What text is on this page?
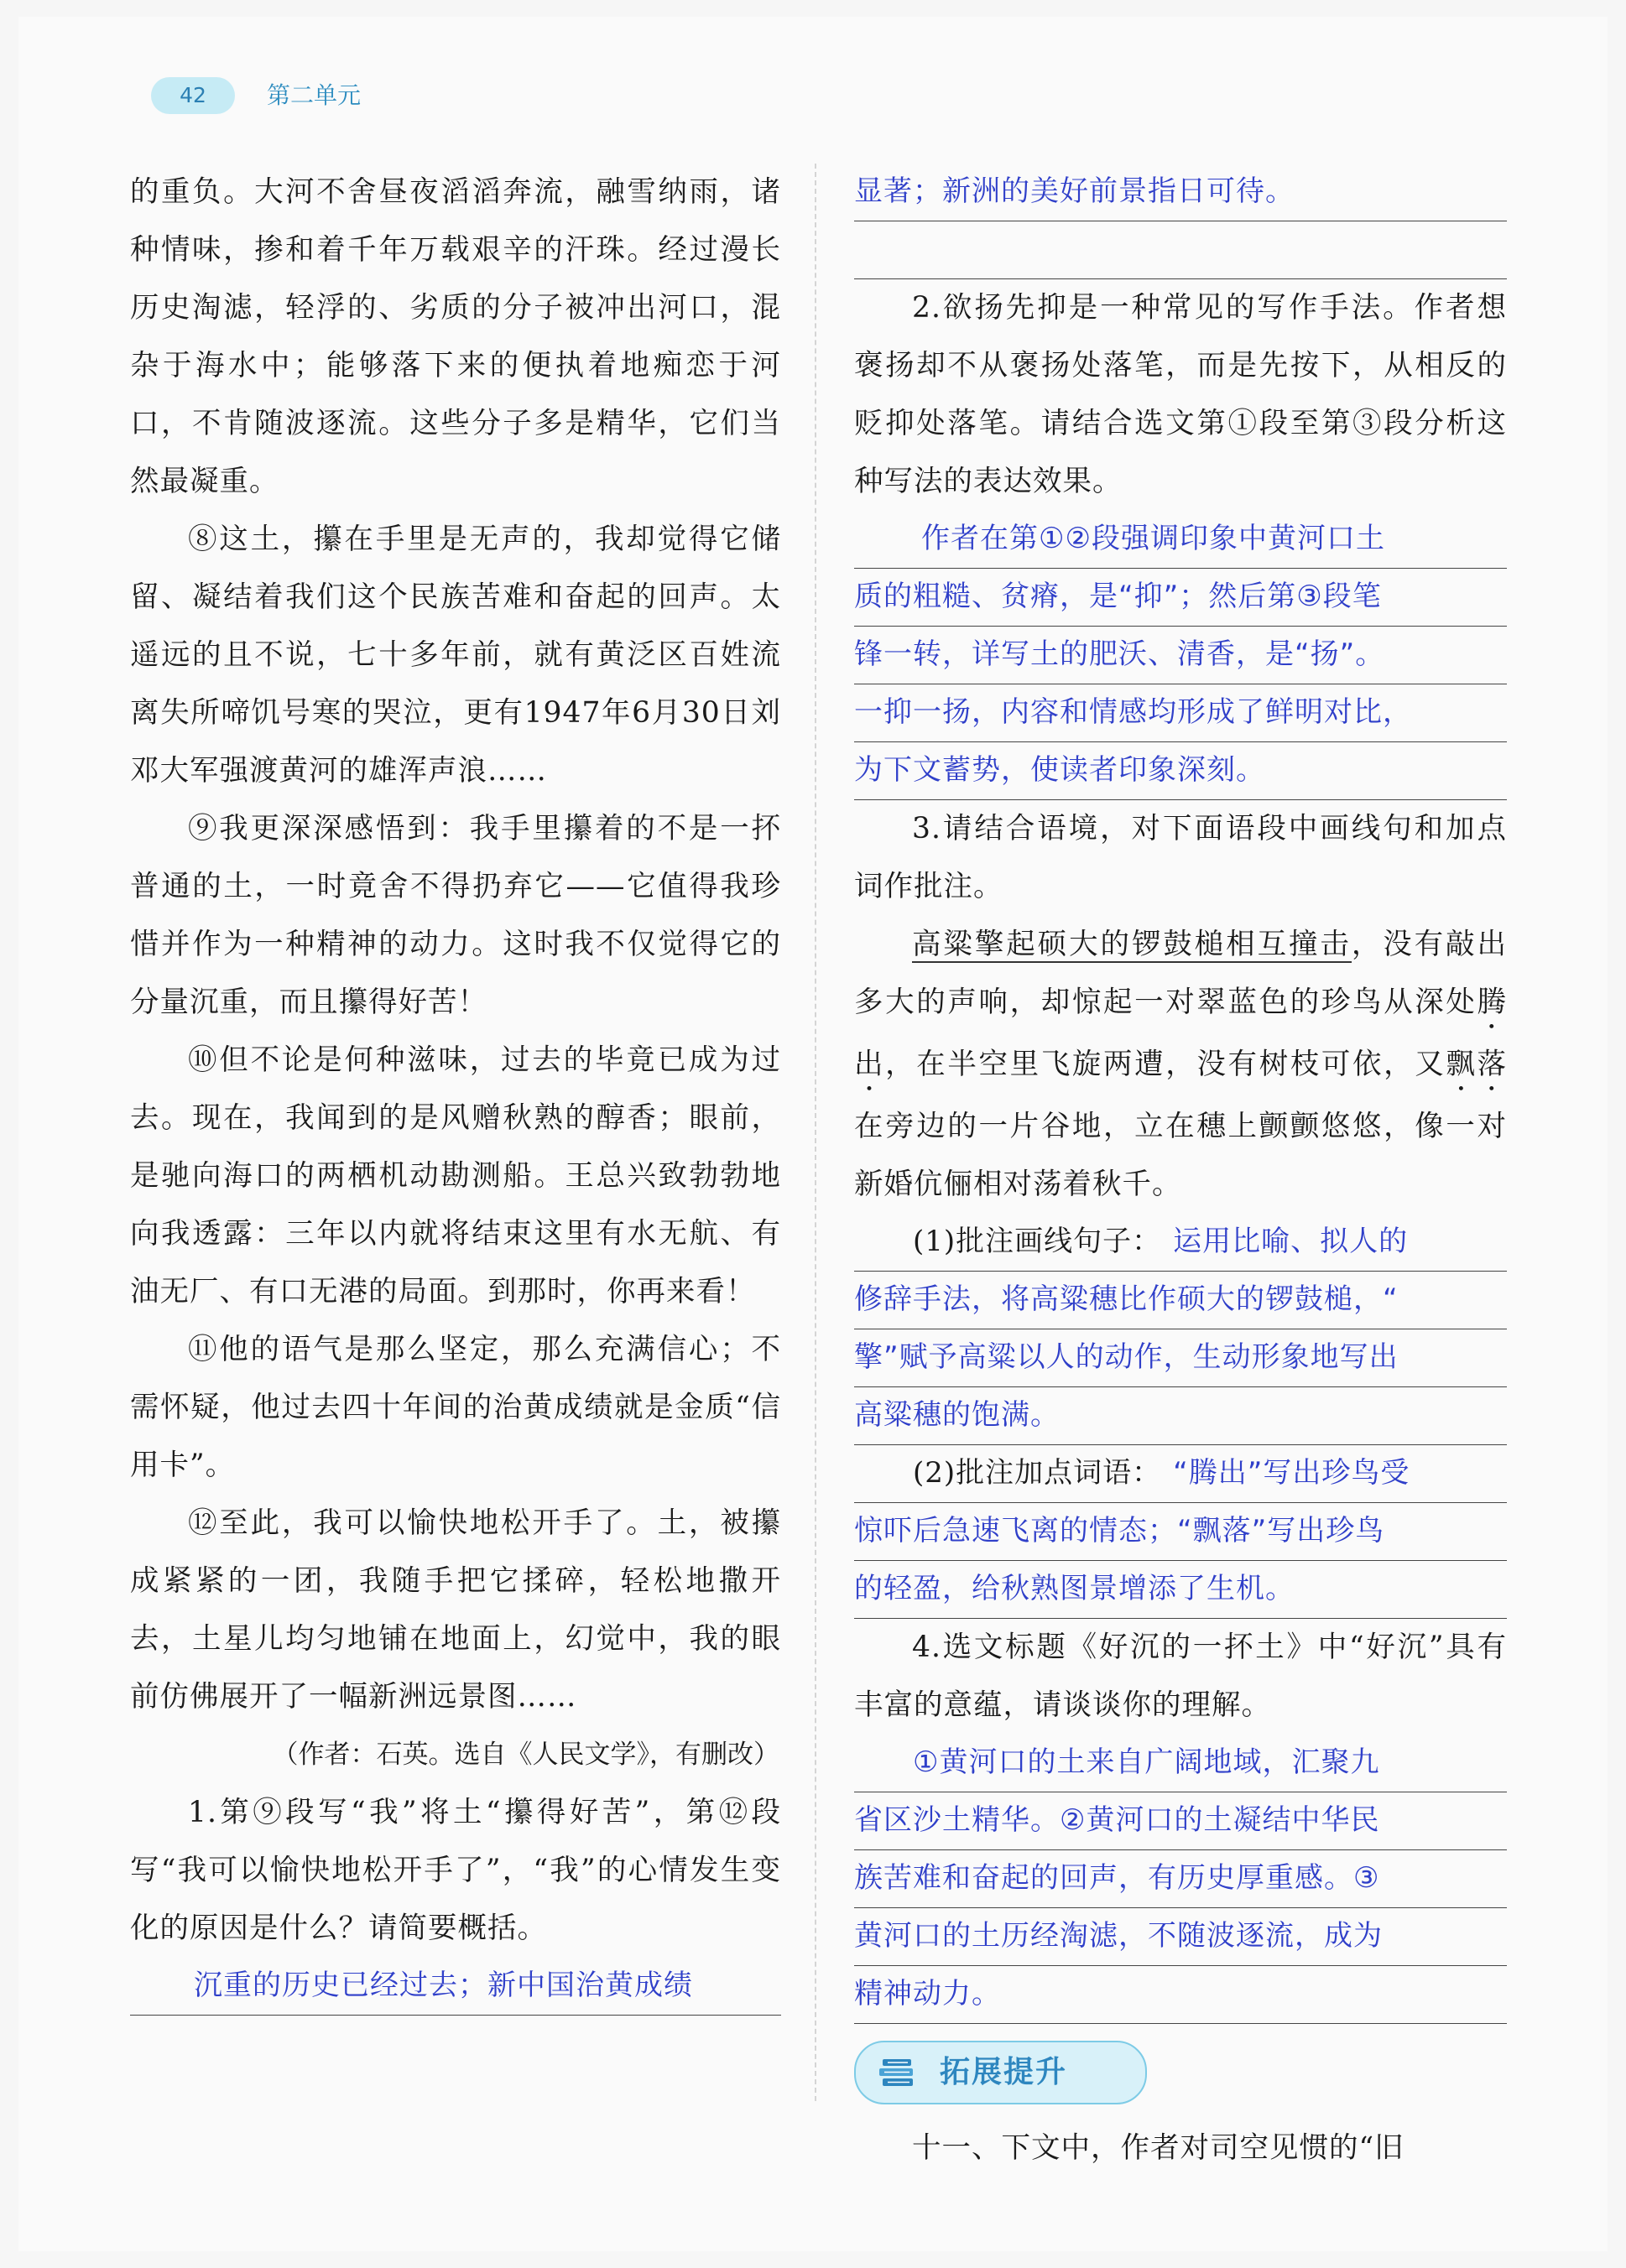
42	第二单元

的重负。大河不舍昼夜滔滔奔流，融雪纳雨，诸种情味，掺和着千年万载艰辛的汗珠。经过漫长历史淘滤，轻浮的、劣质的分子被冲出河口，混杂于海水中；能够落下来的便执着地痴恋于河口，不肯随波逐流。这些分子多是精华，它们当然最凝重。

⑧这土，攥在手里是无声的，我却觉得它储留、凝结着我们这个民族苦难和奋起的回声。太遥远的且不说，七十多年前，就有黄泛区百姓流离失所啼饥号寒的哭泣，更有1947年6月30日刘邓大军强渡黄河的雄浑声浪……

⑨我更深深感悟到：我手里攥着的不是一抔普通的土，一时竟舍不得扔弃它——它值得我珍惜并作为一种精神的动力。这时我不仅觉得它的分量沉重，而且攥得好苦！

⑩但不论是何种滋味，过去的毕竟已成为过去。现在，我闻到的是风赠秋熟的醇香；眼前，是驰向海口的两栖机动勘测船。王总兴致勃勃地向我透露：三年以内就将结束这里有水无航、有油无厂、有口无港的局面。到那时，你再来看！

⑪他的语气是那么坚定，那么充满信心；不需怀疑，他过去四十年间的治黄成绩就是金质“信用卡”。

⑫至此，我可以愉快地松开手了。土，被攥成紧紧的一团，我随手把它揉碎，轻松地撒开去，土星儿均匀地铺在地面上，幻觉中，我的眼前仿佛展开了一幅新洲远景图……

（作者：石英。选自《人民文学》，有删改）

1.第⑨段写“我”将土“攥得好苦”，第⑫段写“我可以愉快地松开手了”，“我”的心情发生变化的原因是什么？请简要概括。

沉重的历史已经过去；新中国治黄成绩
显著；新洲的美好前景指日可待。

2.欲扬先抑是一种常见的写作手法。作者想褒扬却不从褒扬处落笔，而是先按下，从相反的贬抑处落笔。请结合选文第①段至第③段分析这种写法的表达效果。

作者在第①②段强调印象中黄河口土
质的粗糙、贫瘠，是“抑”；然后第③段笔
锋一转，详写土的肥沃、清香，是“扬”。
一抑一扬，内容和情感均形成了鲜明对比，
为下文蓄势，使读者印象深刻。

3.请结合语境，对下面语段中画线句和加点词作批注。

高粱擎起硕大的锣鼓槌相互撞击，没有敲出多大的声响，却惊起一对翠蓝色的珍鸟从深处腾出，在半空里飞旋两遭，没有树枝可依，又飘落在旁边的一片谷地，立在穗上颤颤悠悠，像一对新婚伉俪相对荡着秋千。

(1)批注画线句子： 运用比喻、拟人的
修辞手法，将高粱穗比作硕大的锣鼓槌，“
擎”赋予高粱以人的动作，生动形象地写出
高粱穗的饱满。
(2)批注加点词语： “腾出”写出珍鸟受
惊吓后急速飞离的情态；“飘落”写出珍鸟
的轻盈，给秋熟图景增添了生机。

4.选文标题《好沉的一抔土》中“好沉”具有丰富的意蕴，请谈谈你的理解。

①黄河口的土来自广阔地域，汇聚九
省区沙土精华。②黄河口的土凝结中华民
族苦难和奋起的回声，有历史厚重感。③
黄河口的土历经淘滤，不随波逐流，成为
精神动力。
拓展提升

十一、下文中，作者对司空见惯的“旧
